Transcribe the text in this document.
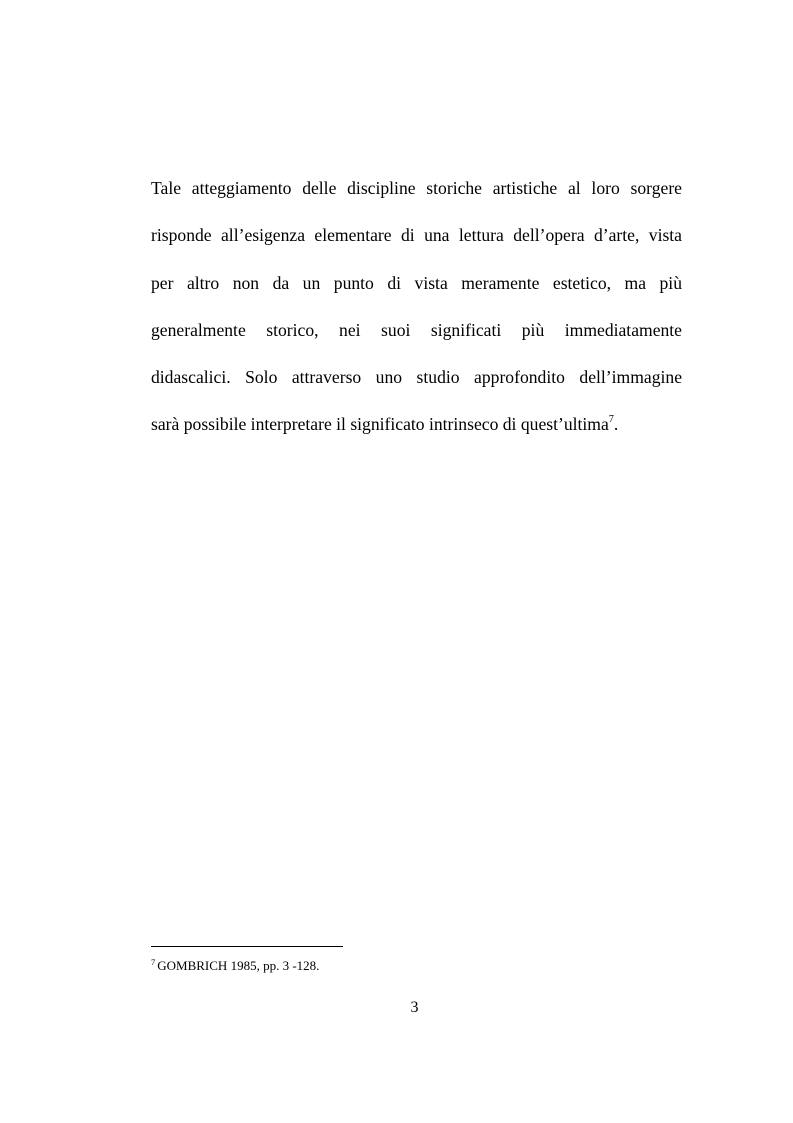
Tale atteggiamento delle discipline storiche artistiche al loro sorgere
risponde all’esigenza elementare di una lettura dell’opera d’arte, vista
per altro non da un punto di vista meramente estetico, ma più
generalmente storico, nei suoi significati più immediatamente
didascalici. Solo attraverso uno studio approfondito dell’immagine
sarà possibile interpretare il significato intrinseco di quest’ultima$^7$.
$^7$ GOMBRICH 1985, pp. 3 -128.
3
